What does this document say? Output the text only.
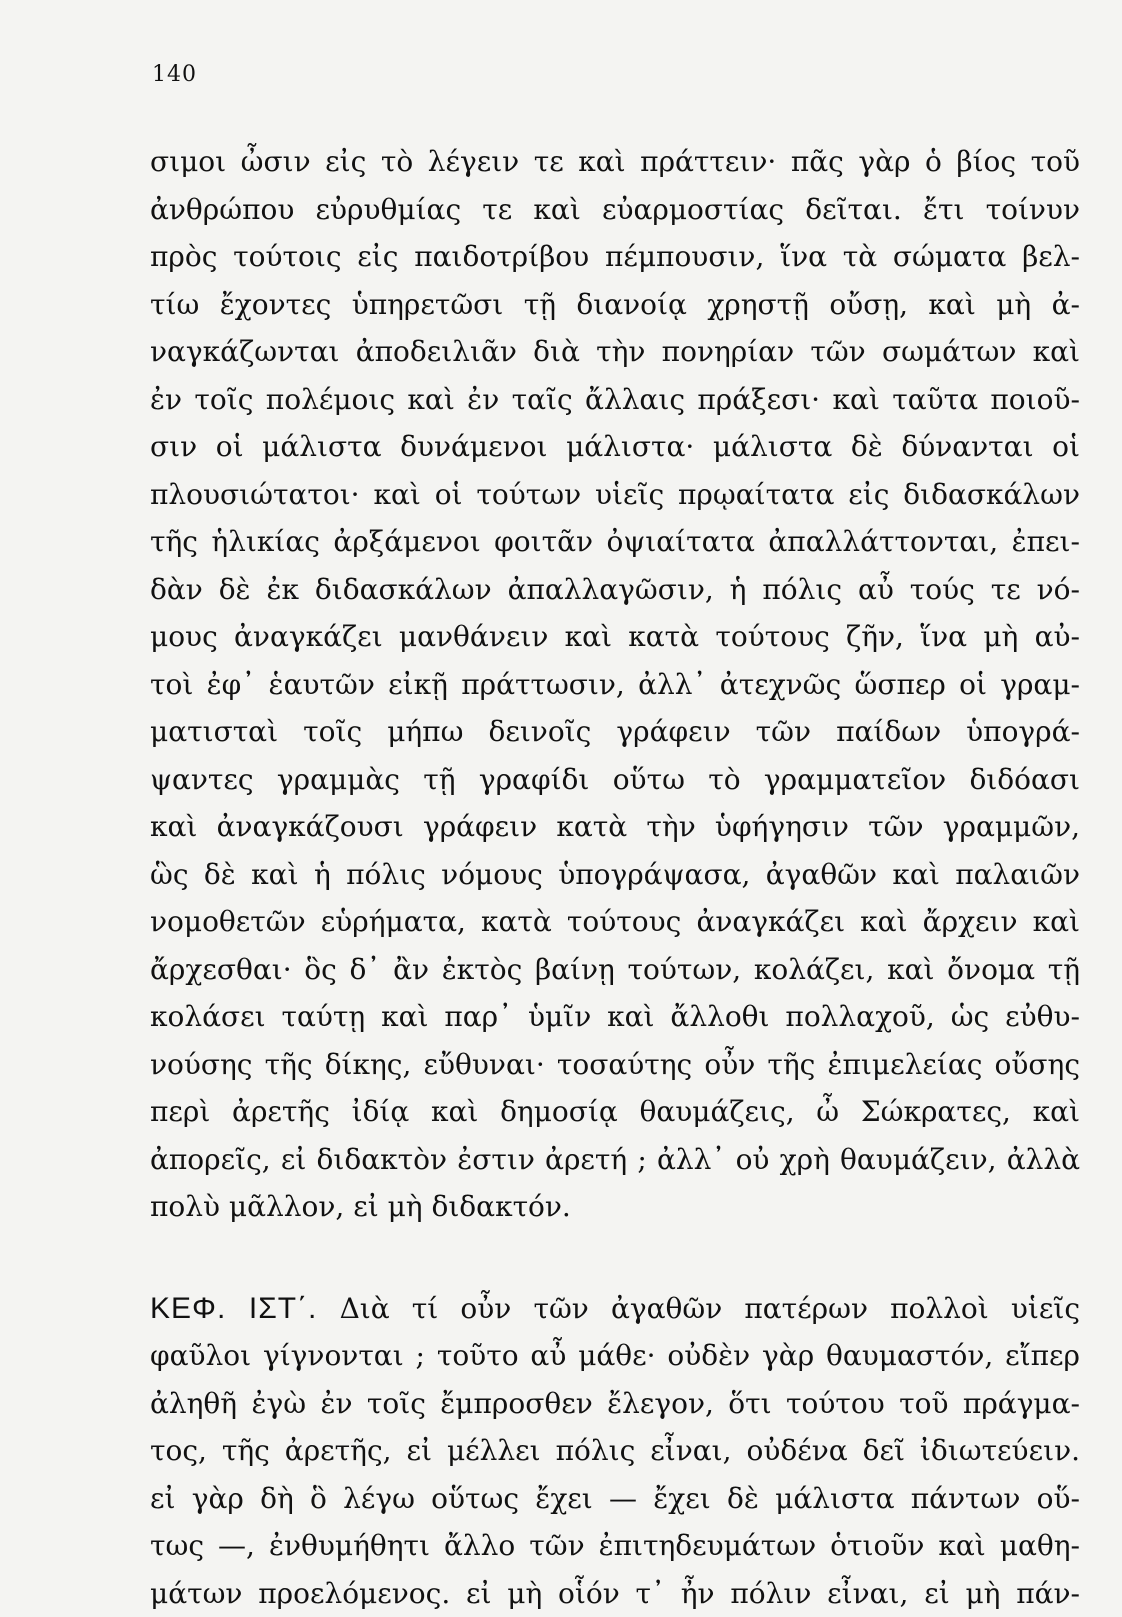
140
σιμοι ὦσιν εἰς τὸ λέγειν τε καὶ πράττειν· πᾶς γὰρ ὁ βίος τοῦ
ἀνθρώπου εὐρυθμίας τε καὶ εὐαρμοστίας δεῖται. ἔτι τοίνυν
πρὸς τούτοις εἰς παιδοτρίβου πέμπουσιν, ἵνα τὰ σώματα βελ-
τίω ἔχοντες ὑπηρετῶσι τῇ διανοίᾳ χρηστῇ οὔσῃ, καὶ μὴ ἀ-
ναγκάζωνται ἀποδειλιᾶν διὰ τὴν πονηρίαν τῶν σωμάτων καὶ
ἐν τοῖς πολέμοις καὶ ἐν ταῖς ἄλλαις πράξεσι· καὶ ταῦτα ποιοῦ-
σιν οἱ μάλιστα δυνάμενοι μάλιστα· μάλιστα δὲ δύνανται οἱ
πλουσιώτατοι· καὶ οἱ τούτων υἱεῖς πρῳαίτατα εἰς διδασκάλων
τῆς ἡλικίας ἀρξάμενοι φοιτᾶν ὀψιαίτατα ἀπαλλάττονται, ἐπει-
δὰν δὲ ἐκ διδασκάλων ἀπαλλαγῶσιν, ἡ πόλις αὖ τούς τε νό-
μους ἀναγκάζει μανθάνειν καὶ κατὰ τούτους ζῆν, ἵνα μὴ αὐ-
τοὶ ἐφ᾽ ἑαυτῶν εἰκῇ πράττωσιν, ἀλλ᾽ ἀτεχνῶς ὥσπερ οἱ γραμ-
ματισταὶ τοῖς μήπω δεινοῖς γράφειν τῶν παίδων ὑπογρά-
ψαντες γραμμὰς τῇ γραφίδι οὕτω τὸ γραμματεῖον διδόασι
καὶ ἀναγκάζουσι γράφειν κατὰ τὴν ὑφήγησιν τῶν γραμμῶν,
ὣς δὲ καὶ ἡ πόλις νόμους ὑπογράψασα, ἀγαθῶν καὶ παλαιῶν
νομοθετῶν εὑρήματα, κατὰ τούτους ἀναγκάζει καὶ ἄρχειν καὶ
ἄρχεσθαι· ὃς δ᾽ ἂν ἐκτὸς βαίνῃ τούτων, κολάζει, καὶ ὄνομα τῇ
κολάσει ταύτῃ καὶ παρ᾽ ὑμῖν καὶ ἄλλοθι πολλαχοῦ, ὡς εὐθυ-
νούσης τῆς δίκης, εὔθυναι· τοσαύτης οὖν τῆς ἐπιμελείας οὔσης
περὶ ἀρετῆς ἰδίᾳ καὶ δημοσίᾳ θαυμάζεις, ὦ Σώκρατες, καὶ
ἀπορεῖς, εἰ διδακτὸν ἐστιν ἀρετή ; ἀλλ᾽ οὐ χρὴ θαυμάζειν, ἀλλὰ
πολὺ μᾶλλον, εἰ μὴ διδακτόν.
ΚΕΦ. ΙΣΤ΄. Διὰ τί οὖν τῶν ἀγαθῶν πατέρων πολλοὶ υἱεῖς
φαῦλοι γίγνονται ; τοῦτο αὖ μάθε· οὐδὲν γὰρ θαυμαστόν, εἴπερ
ἀληθῆ ἐγὼ ἐν τοῖς ἔμπροσθεν ἔλεγον, ὅτι τούτου τοῦ πράγμα-
τος, τῆς ἀρετῆς, εἰ μέλλει πόλις εἶναι, οὐδένα δεῖ ἰδιωτεύειν.
εἰ γὰρ δὴ ὃ λέγω οὕτως ἔχει — ἔχει δὲ μάλιστα πάντων οὕ-
τως —, ἐνθυμήθητι ἄλλο τῶν ἐπιτηδευμάτων ὁτιοῦν καὶ μαθη-
μάτων προελόμενος. εἰ μὴ οἷόν τ᾽ ἦν πόλιν εἶναι, εἰ μὴ πάν-
